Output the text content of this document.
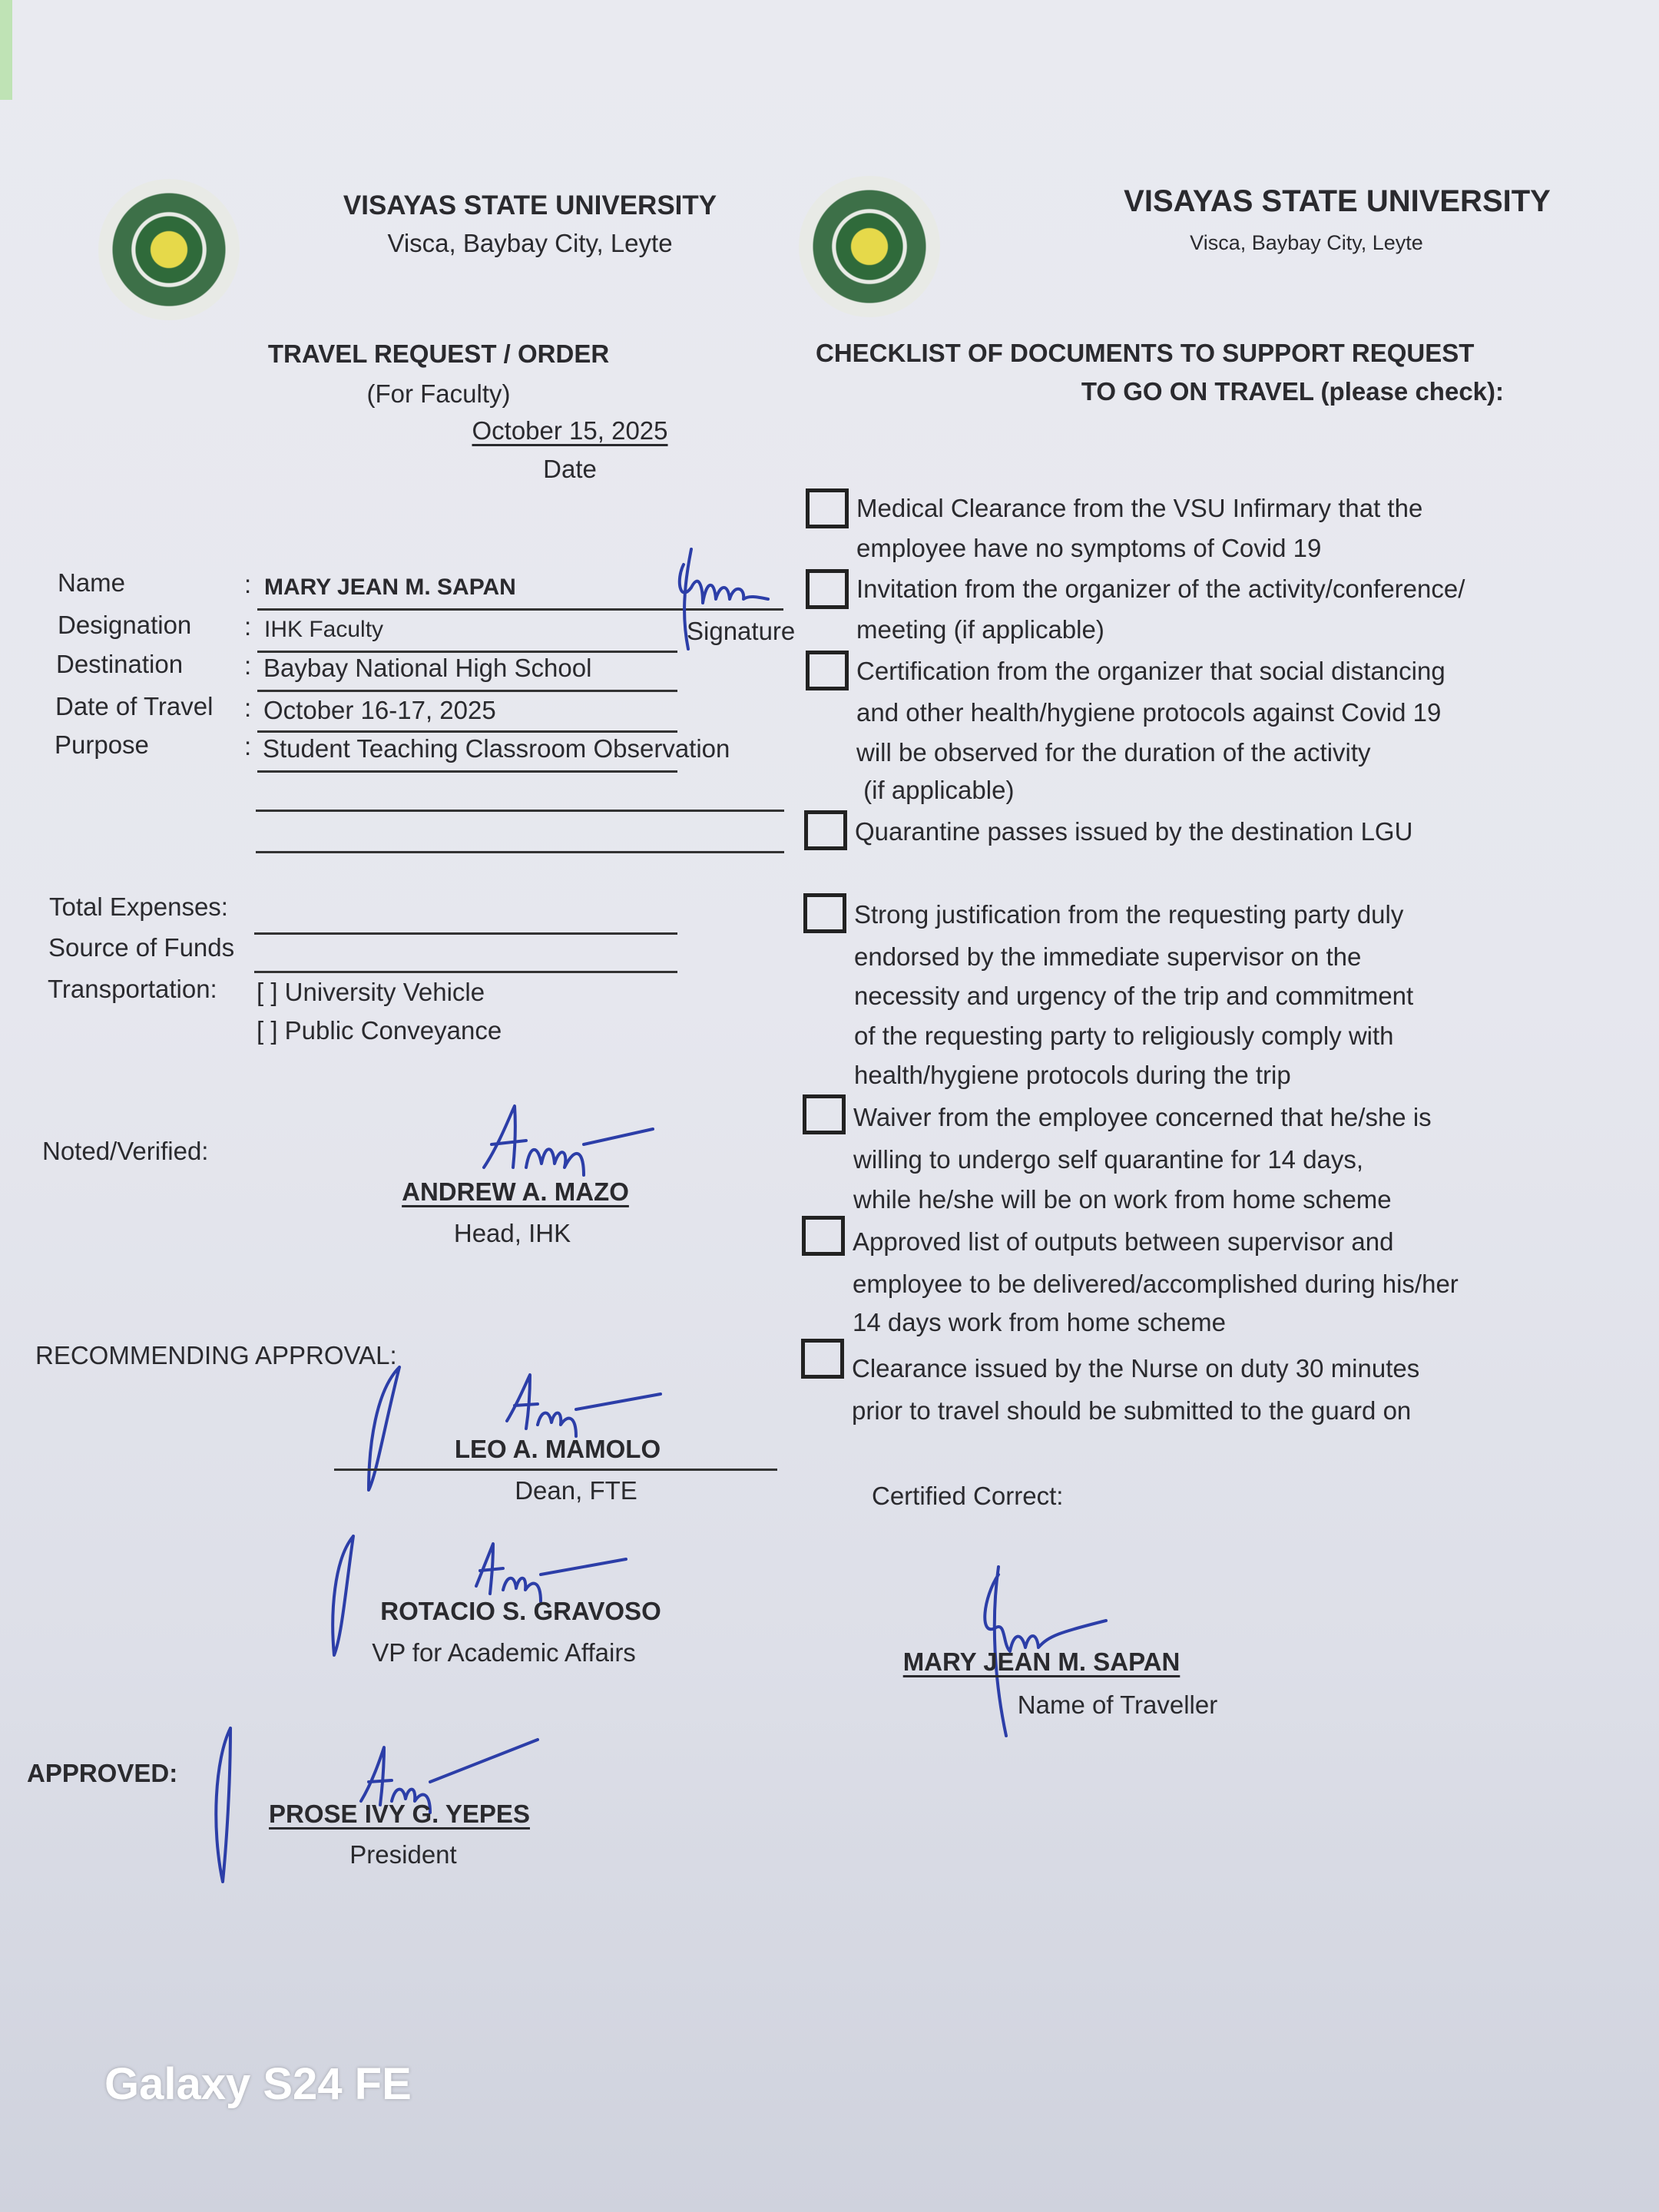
VISAYAS STATE UNIVERSITY
Visca, Baybay City, Leyte
VISAYAS STATE UNIVERSITY
Visca, Baybay City, Leyte
TRAVEL REQUEST / ORDER
(For Faculty)
October 15, 2025
Date
Name	: MARY JEAN M. SAPAN
Designation : IHK Faculty
Destination : Baybay National High School
Date of Travel : October 16-17, 2025
Purpose	: Student Teaching Classroom Observation
Signature
Total Expenses:
Source of Funds
Transportation: [ ] University Vehicle
[ ] Public Conveyance
Noted/Verified:
ANDREW A. MAZO
Head, IHK
RECOMMENDING APPROVAL:
LEO A. MAMOLO
Dean, FTE
ROTACIO S. GRAVOSO
VP for Academic Affairs
APPROVED:
PROSE IVY G. YEPES
President
CHECKLIST OF DOCUMENTS TO SUPPORT REQUEST
TO GO ON TRAVEL (please check):
Medical Clearance from the VSU Infirmary that the
employee have no symptoms of Covid 19
Invitation from the organizer of the activity/conference/
meeting (if applicable)
Certification from the organizer that social distancing
and other health/hygiene protocols against Covid 19
will be observed for the duration of the activity
(if applicable)
Quarantine passes issued by the destination LGU
Strong justification from the requesting party duly
endorsed by the immediate supervisor on the
necessity and urgency of the trip and commitment
of the requesting party to religiously comply with
health/hygiene protocols during the trip
Waiver from the employee concerned that he/she is
willing to undergo self quarantine for 14 days,
while he/she will be on work from home scheme
Approved list of outputs between supervisor and
employee to be delivered/accomplished during his/her
14 days work from home scheme
Clearance issued by the Nurse on duty 30 minutes
prior to travel should be submitted to the guard on
Certified Correct:
MARY JEAN M. SAPAN
Name of Traveller
Galaxy S24 FE
